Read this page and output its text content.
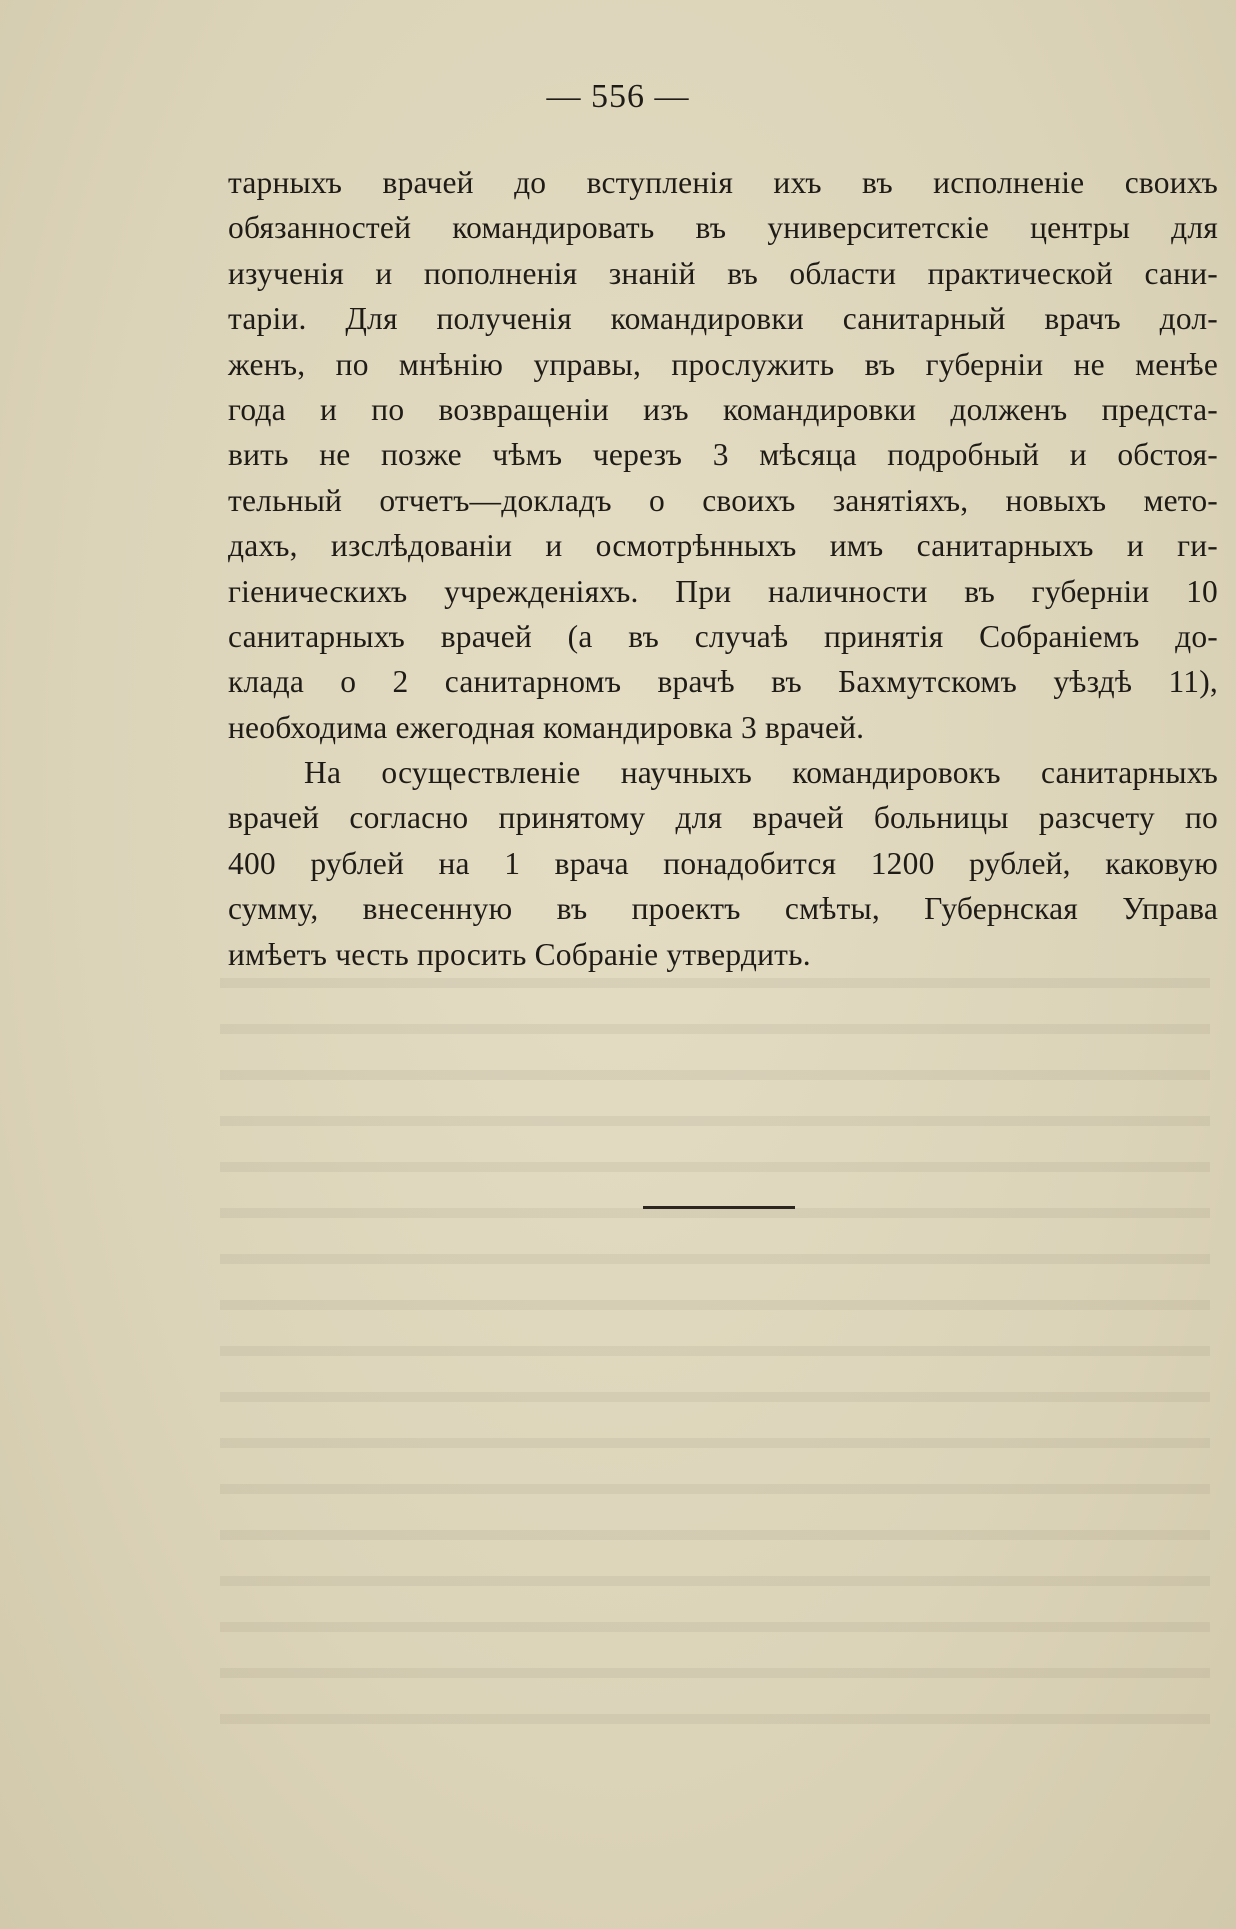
— 556 —
тарныхъ врачей до вступленія ихъ въ исполненіе своихъ
обязанностей командировать въ университетскіе центры для
изученія и пополненія знаній въ области практической сани-
таріи. Для полученія командировки санитарный врачъ дол-
женъ, по мнѣнію управы, прослужить въ губерніи не менѣе
года и по возвращеніи изъ командировки долженъ предста-
вить не позже чѣмъ черезъ 3 мѣсяца подробный и обстоя-
тельный отчетъ—докладъ о своихъ занятіяхъ, новыхъ мето-
дахъ, изслѣдованіи и осмотрѣнныхъ имъ санитарныхъ и ги-
гіеническихъ учрежденіяхъ. При наличности въ губерніи 10
санитарныхъ врачей (а въ случаѣ принятія Собраніемъ до-
клада о 2 санитарномъ врачѣ въ Бахмутскомъ уѣздѣ 11),
необходима ежегодная командировка 3 врачей.
На осуществленіе научныхъ командировокъ санитарныхъ
врачей согласно принятому для врачей больницы разсчету по
400 рублей на 1 врача понадобится 1200 рублей, каковую
сумму, внесенную въ проектъ смѣты, Губернская Управа
имѣетъ честь просить Собраніе утвердить.
